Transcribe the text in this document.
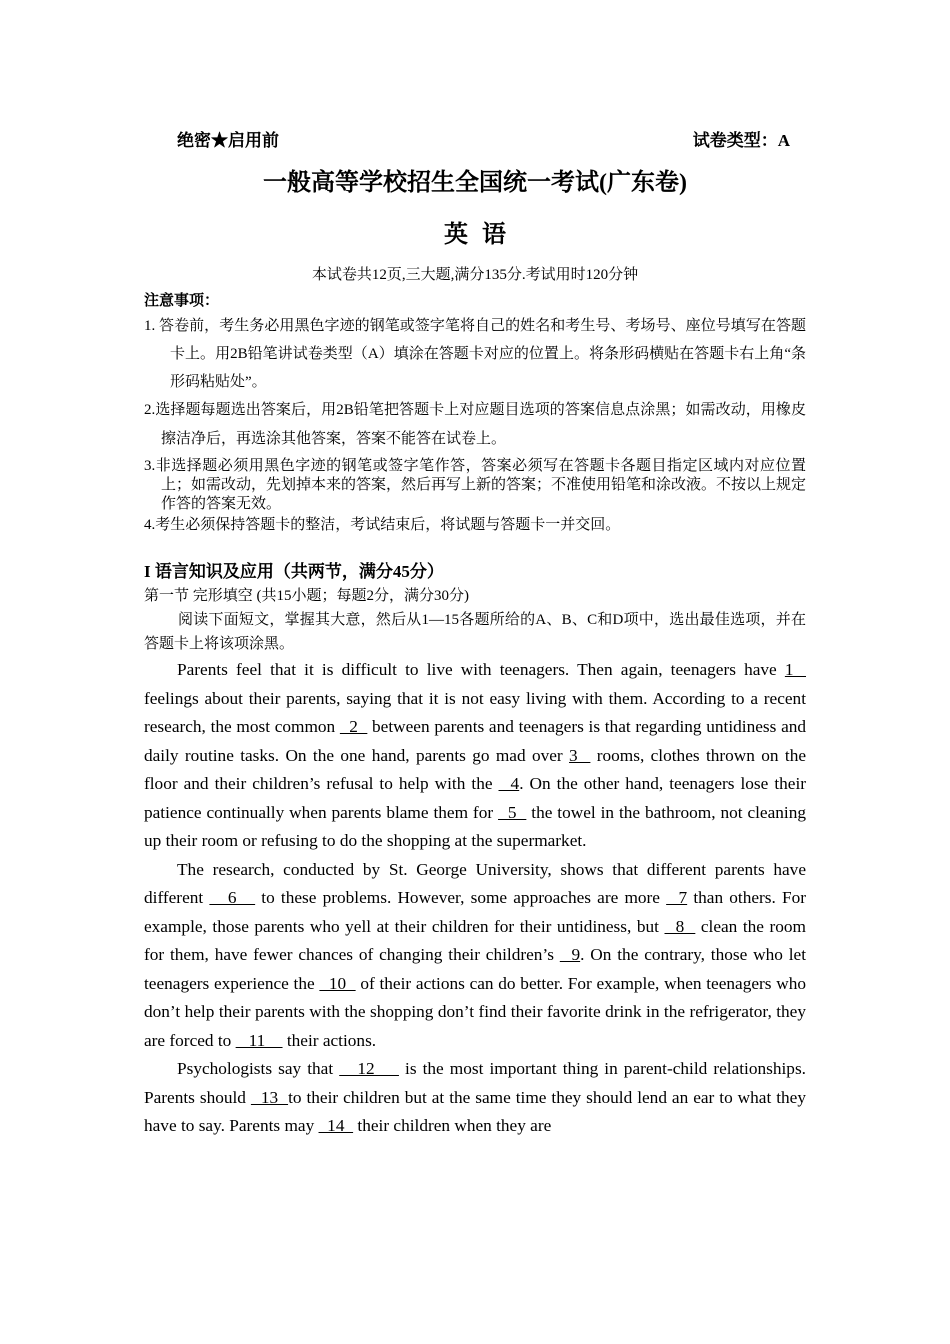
绝密★启用前	试卷类型：A
一般高等学校招生全国统一考试(广东卷)
英语
本试卷共12页,三大题,满分135分.考试用时120分钟
注意事项：
1. 答卷前，考生务必用黑色字迹的钢笔或签字笔将自己的姓名和考生号、考场号、座位号填写在答题卡上。用2B铅笔讲试卷类型（A）填涂在答题卡对应的位置上。将条形码横贴在答题卡右上角“条形码粘贴处”。
2.选择题每题选出答案后，用2B铅笔把答题卡上对应题目选项的答案信息点涂黑；如需改动，用橡皮擦洁净后，再选涂其他答案，答案不能答在试卷上。
3.非选择题必须用黑色字迹的钢笔或签字笔作答，答案必须写在答题卡各题目指定区域内对应位置上；如需改动，先划掉本来的答案，然后再写上新的答案；不准使用铅笔和涂改液。不按以上规定作答的答案无效。
4.考生必须保持答题卡的整洁，考试结束后，将试题与答题卡一并交回。
I 语言知识及应用（共两节，满分45分）
第一节 完形填空 (共15小题；每题2分，满分30分)
阅读下面短文，掌握其大意，然后从1—15各题所给的A、B、C和D项中，选出最佳选项，并在答题卡上将该项涂黑。

Parents feel that it is difficult to live with teenagers. Then again, teenagers have 1   feelings about their parents, saying that it is not easy living with them. According to a recent research, the most common   2   between parents and teenagers is that regarding untidiness and daily routine tasks. On the one hand, parents go mad over 3   rooms, clothes thrown on the floor and their children’s refusal to help with the   4. On the other hand, teenagers lose their patience continually when parents blame them for   5   the towel in the bathroom, not cleaning up their room or refusing to do the shopping at the supermarket.

The research, conducted by St. George University, shows that different parents have different    6    to these problems. However, some approaches are more   7 than others. For example, those parents who yell at their children for their untidiness, but   8   clean the room for them, have fewer chances of changing their children’s   9. On the contrary, those who let teenagers experience the   10   of their actions can do better. For example, when teenagers who don’t help their parents with the shopping don’t find their favorite drink in the refrigerator, they are forced to    11     their actions.

Psychologists say that    12     is the most important thing in parent-child relationships. Parents should   13  to their children but at the same time they should lend an ear to what they have to say. Parents may   14   their children when they are
